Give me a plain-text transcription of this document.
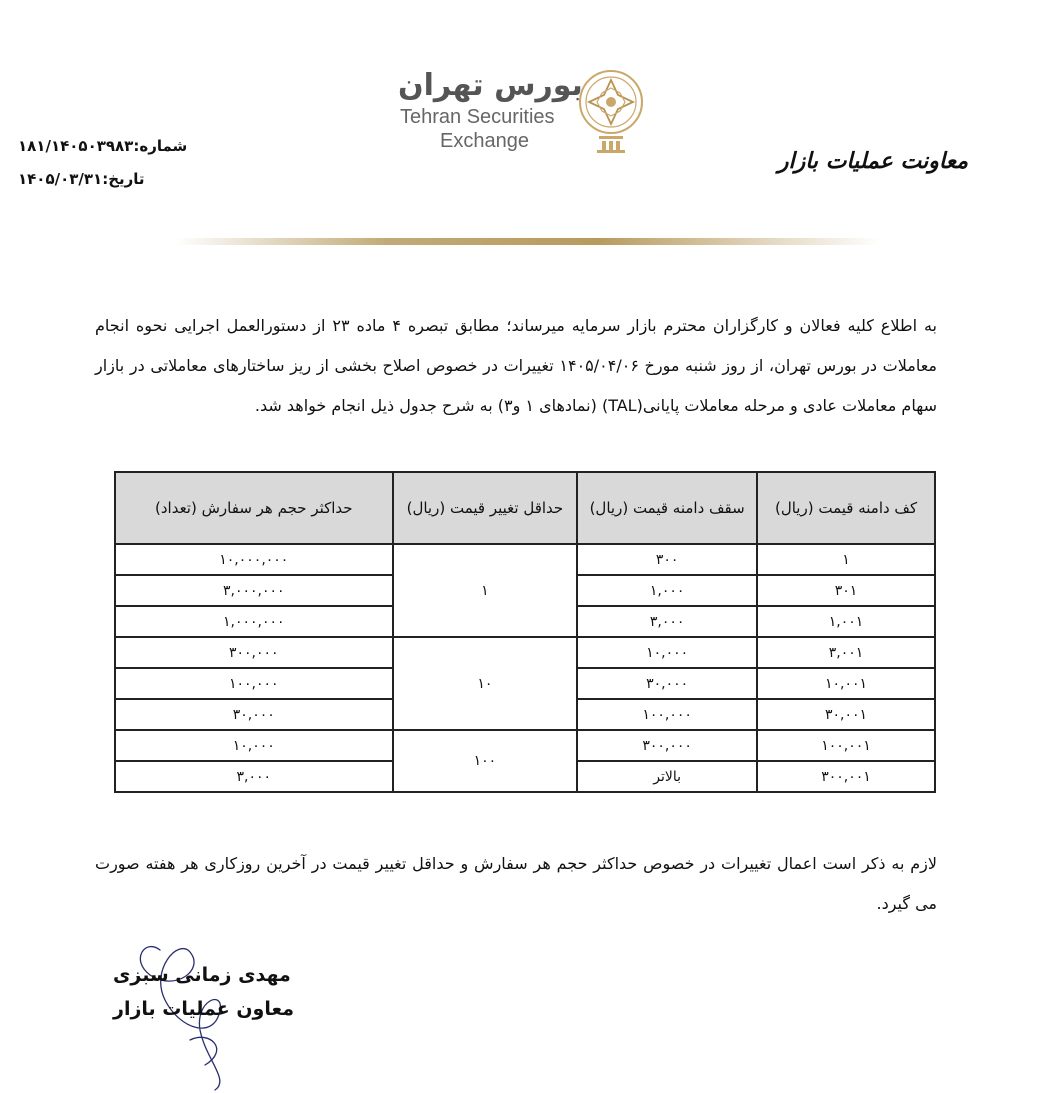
بورس تهران
Tehran Securities
Exchange
شماره:۱۸۱/۱۴۰۵۰۳۹۸۳
تاریخ:۱۴۰۵/۰۳/۳۱
معاونت عملیات بازار
به اطلاع کلیه فعالان و کارگزاران محترم بازار سرمایه میرساند؛ مطابق تبصره ۴ ماده ۲۳ از دستورالعمل اجرایی نحوه انجام معاملات در بورس تهران، از روز شنبه مورخ ۱۴۰۵/۰۴/۰۶ تغییرات در خصوص اصلاح بخشی از ریز ساختارهای معاملاتی در بازار سهام معاملات عادی و مرحله معاملات پایانی(TAL) (نمادهای ۱ و۳) به شرح جدول ذیل انجام خواهد شد.
کف دامنه قیمت (ریال)	سقف دامنه قیمت (ریال)	حداقل تغییر قیمت (ریال)	حداکثر حجم هر سفارش (تعداد)
۱	۳۰۰	۱	۱۰,۰۰۰,۰۰۰
۳۰۱	۱,۰۰۰		۳,۰۰۰,۰۰۰
۱,۰۰۱	۳,۰۰۰		۱,۰۰۰,۰۰۰
۳,۰۰۱	۱۰,۰۰۰	۱۰	۳۰۰,۰۰۰
۱۰,۰۰۱	۳۰,۰۰۰		۱۰۰,۰۰۰
۳۰,۰۰۱	۱۰۰,۰۰۰		۳۰,۰۰۰
۱۰۰,۰۰۱	۳۰۰,۰۰۰	۱۰۰	۱۰,۰۰۰
۳۰۰,۰۰۱	بالاتر		۳,۰۰۰
لازم به ذکر است اعمال تغییرات در خصوص حداکثر حجم هر سفارش و حداقل تغییر قیمت در آخرین روزکاری هر هفته صورت می گیرد.
مهدی زمانی سبزی
معاون عملیات بازار
